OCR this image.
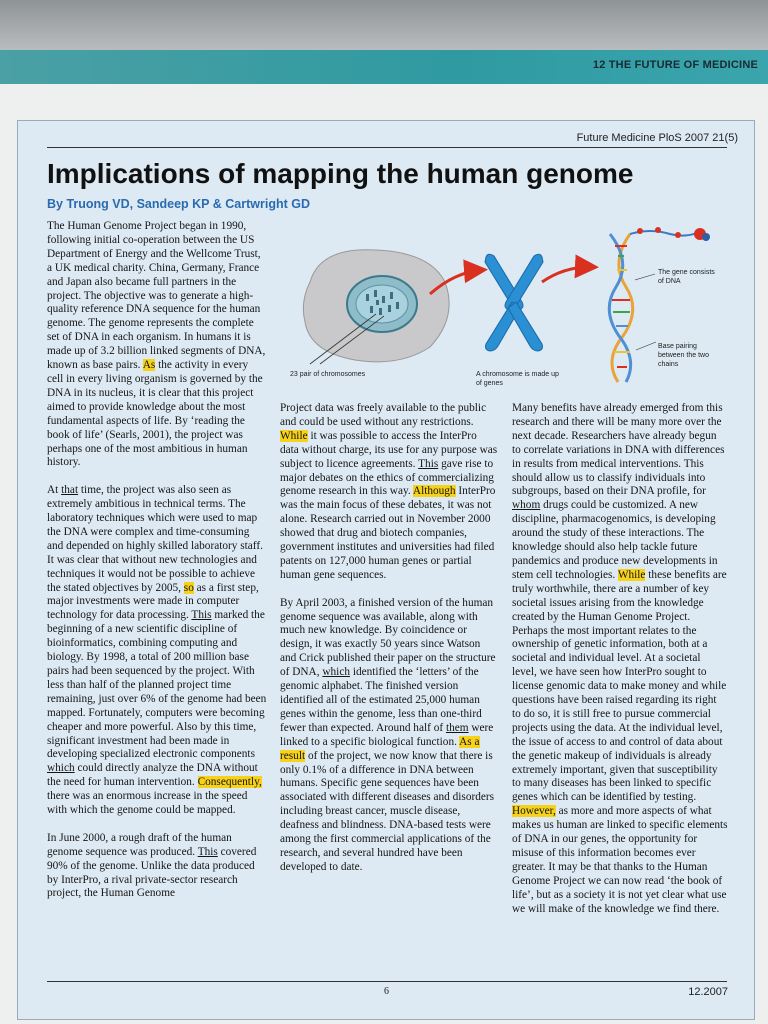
12 THE FUTURE OF MEDICINE
Future Medicine PloS 2007 21(5)
Implications of mapping the human genome
By Truong VD, Sandeep KP & Cartwright GD
23 pair of chromosomes	A chromosome is made up of genes
The gene consists of DNA
Base pairing between the two chains

The Human Genome Project began in 1990, following initial co-operation between the US Department of Energy and the Wellcome Trust, a UK medical charity. China, Germany, France and Japan also became full partners in the project. The objective was to generate a high-quality reference DNA sequence for the human genome. The genome represents the complete set of DNA in each organism. In humans it is made up of 3.2 billion linked segments of DNA, known as base pairs. As the activity in every cell in every living organism is governed by the DNA in its nucleus, it is clear that this project aimed to provide knowledge about the most fundamental aspects of life. By ‘reading the book of life’ (Searls, 2001), the project was perhaps one of the most ambitious in human history.

At that time, the project was also seen as extremely ambitious in technical terms. The laboratory techniques which were used to map the DNA were complex and time-consuming and depended on highly skilled laboratory staff. It was clear that without new technologies and techniques it would not be possible to achieve the stated objectives by 2005, so as a first step, major investments were made in computer technology for data processing. This marked the beginning of a new scientific discipline of bioinformatics, combining computing and biology. By 1998, a total of 200 million base pairs had been sequenced by the project. With less than half of the planned project time remaining, just over 6% of the genome had been mapped. Fortunately, computers were becoming cheaper and more powerful. Also by this time, significant investment had been made in developing specialized electronic components which could directly analyze the DNA without the need for human intervention. Consequently, there was an enormous increase in the speed with which the genome could be mapped.

In June 2000, a rough draft of the human genome sequence was produced. This covered 90% of the genome. Unlike the data produced by InterPro, a rival private-sector research project, the Human Genome

Project data was freely available to the public and could be used without any restrictions. While it was possible to access the InterPro data without charge, its use for any purpose was subject to licence agreements. This gave rise to major debates on the ethics of commercializing genome research in this way. Although InterPro was the main focus of these debates, it was not alone. Research carried out in November 2000 showed that drug and biotech companies, government institutes and universities had filed patents on 127,000 human genes or partial human gene sequences.

By April 2003, a finished version of the human genome sequence was available, along with much new knowledge. By coincidence or design, it was exactly 50 years since Watson and Crick published their paper on the structure of DNA, which identified the ‘letters’ of the genomic alphabet. The finished version identified all of the estimated 25,000 human genes within the genome, less than one-third fewer than expected. Around half of them were linked to a specific biological function. As a result of the project, we now know that there is only 0.1% of a difference in DNA between humans. Specific gene sequences have been associated with different diseases and disorders including breast cancer, muscle disease, deafness and blindness. DNA-based tests were among the first commercial applications of the research, and several hundred have been developed to date.

Many benefits have already emerged from this research and there will be many more over the next decade. Researchers have already begun to correlate variations in DNA with differences in results from medical interventions. This should allow us to classify individuals into subgroups, based on their DNA profile, for whom drugs could be customized. A new discipline, pharmacogenomics, is developing around the study of these interactions. The knowledge should also help tackle future pandemics and produce new developments in stem cell technologies. While these benefits are truly worthwhile, there are a number of key societal issues arising from the knowledge created by the Human Genome Project. Perhaps the most important relates to the ownership of genetic information, both at a societal and individual level. At a societal level, we have seen how InterPro sought to license genomic data to make money and while questions have been raised regarding its right to do so, it is still free to pursue commercial projects using the data. At the individual level, the issue of access to and control of data about the genetic makeup of individuals is already extremely important, given that susceptibility to many diseases has been linked to specific genes which can be identified by testing. However, as more and more aspects of what makes us human are linked to specific elements of DNA in our genes, the opportunity for misuse of this information becomes ever greater. It may be that thanks to the Human Genome Project we can now read ‘the book of life’, but as a society it is not yet clear what use we will make of the knowledge we find there.

6	12.2007
